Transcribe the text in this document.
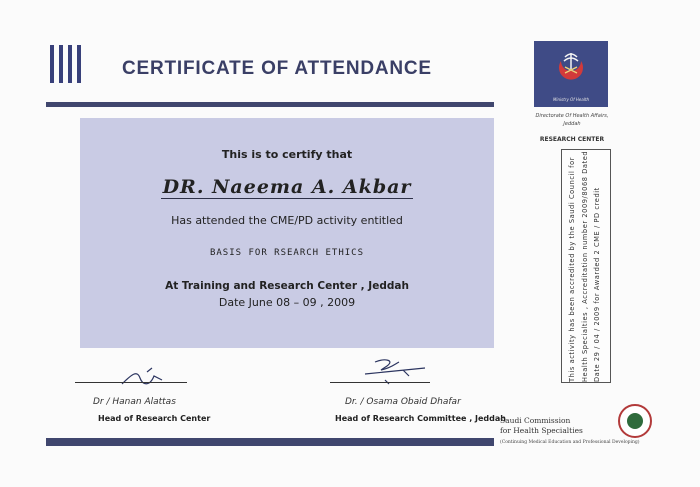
CERTIFICATE OF ATTENDANCE
This is to certify that
DR. Naeema A. Akbar
Has attended the CME/PD activity entitled
BASIS FOR RSEARCH ETHICS
At Training and Research Center , Jeddah
Date June 08 – 09 , 2009
Dr / Hanan Alattas
Head of Research Center
Dr. / Osama Obaid Dhafar
Head of Research Committee , Jeddah
Ministry Of Health
Directorate Of Health Affairs,
Jeddah
RESEARCH CENTER
This activity has been accredited by the Saudi Council for Health Specialties , Accreditation number 2009/8068 Dated Date 29 / 04 / 2009 for Awarded 2 CME / PD credit
Saudi Commission
for Health Specialties
(Continuing Medical Education and Professional Developing)
